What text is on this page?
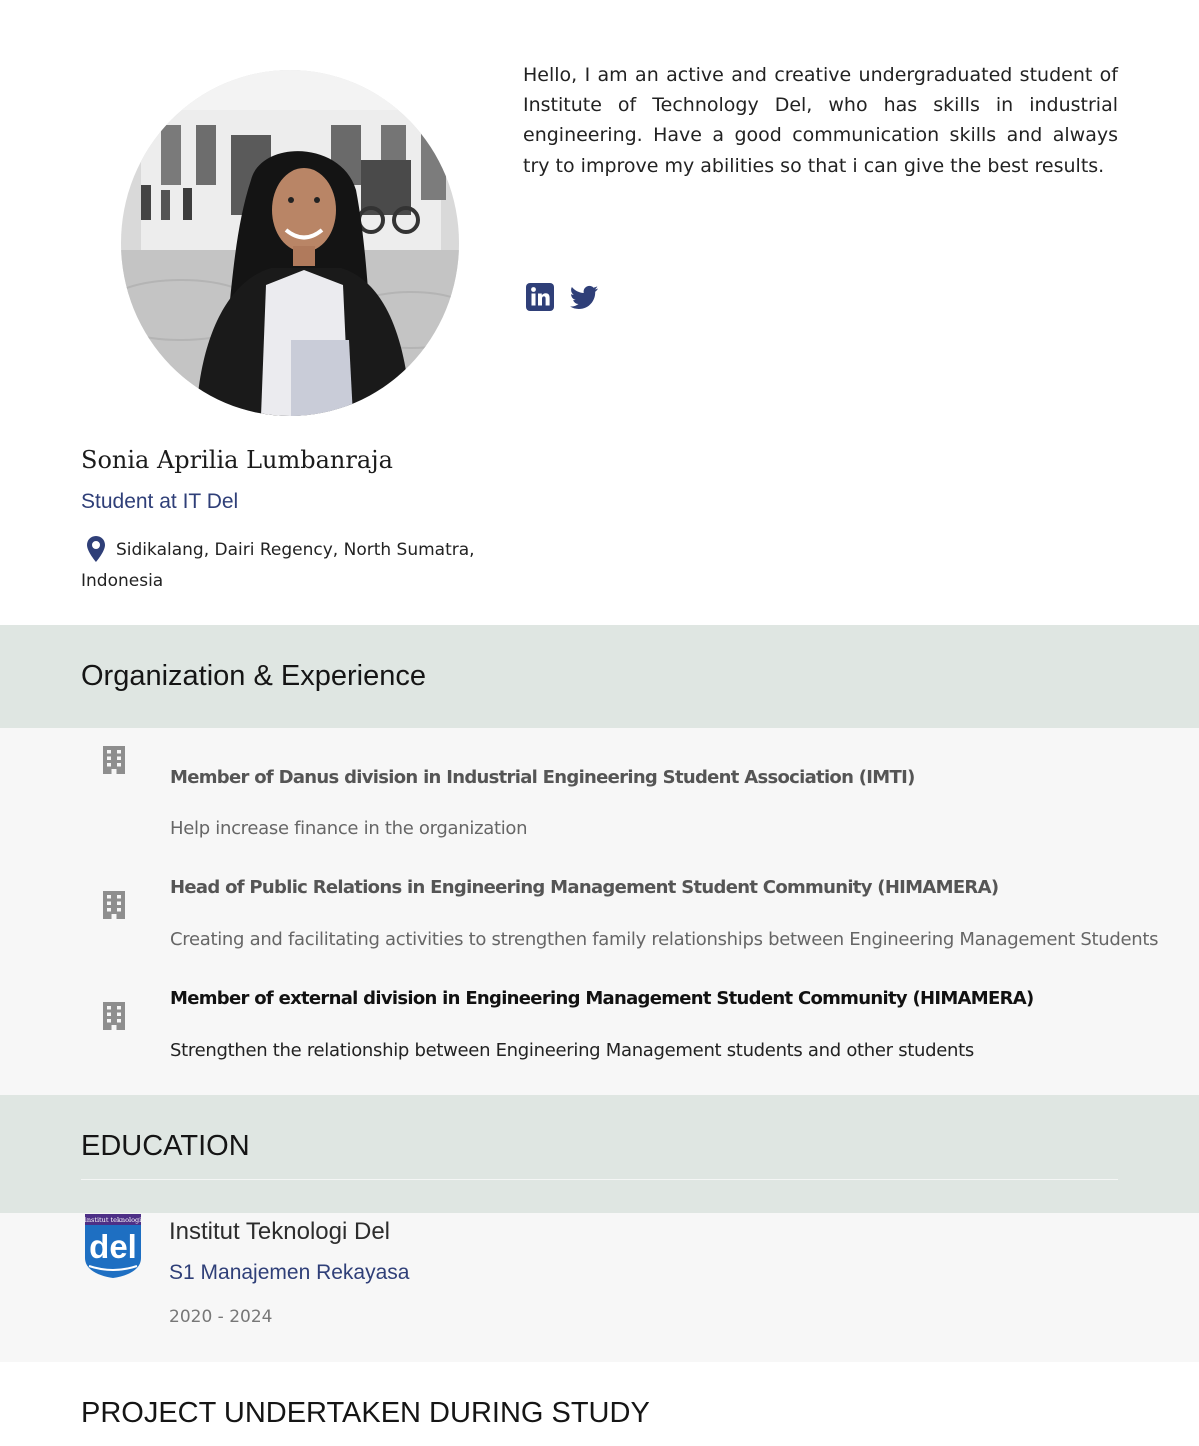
Sonia Aprilia Lumbanraja
Student at IT Del
Sidikalang, Dairi Regency, North Sumatra, Indonesia

Hello, I am an active and creative undergraduated student of Institute of Technology Del, who has skills in industrial engineering. Have a good communication skills and always try to improve my abilities so that i can give the best results.

Organization & Experience
Member of Danus division in Industrial Engineering Student Association (IMTI)
Help increase finance in the organization
Head of Public Relations in Engineering Management Student Community (HIMAMERA)
Creating and facilitating activities to strengthen family relationships between Engineering Management Students
Member of external division in Engineering Management Student Community (HIMAMERA)
Strengthen the relationship between Engineering Management students and other students
EDUCATION
institut teknologi
del Institut Teknologi Del
S1 Manajemen Rekayasa
2020 - 2024
PROJECT UNDERTAKEN DURING STUDY
